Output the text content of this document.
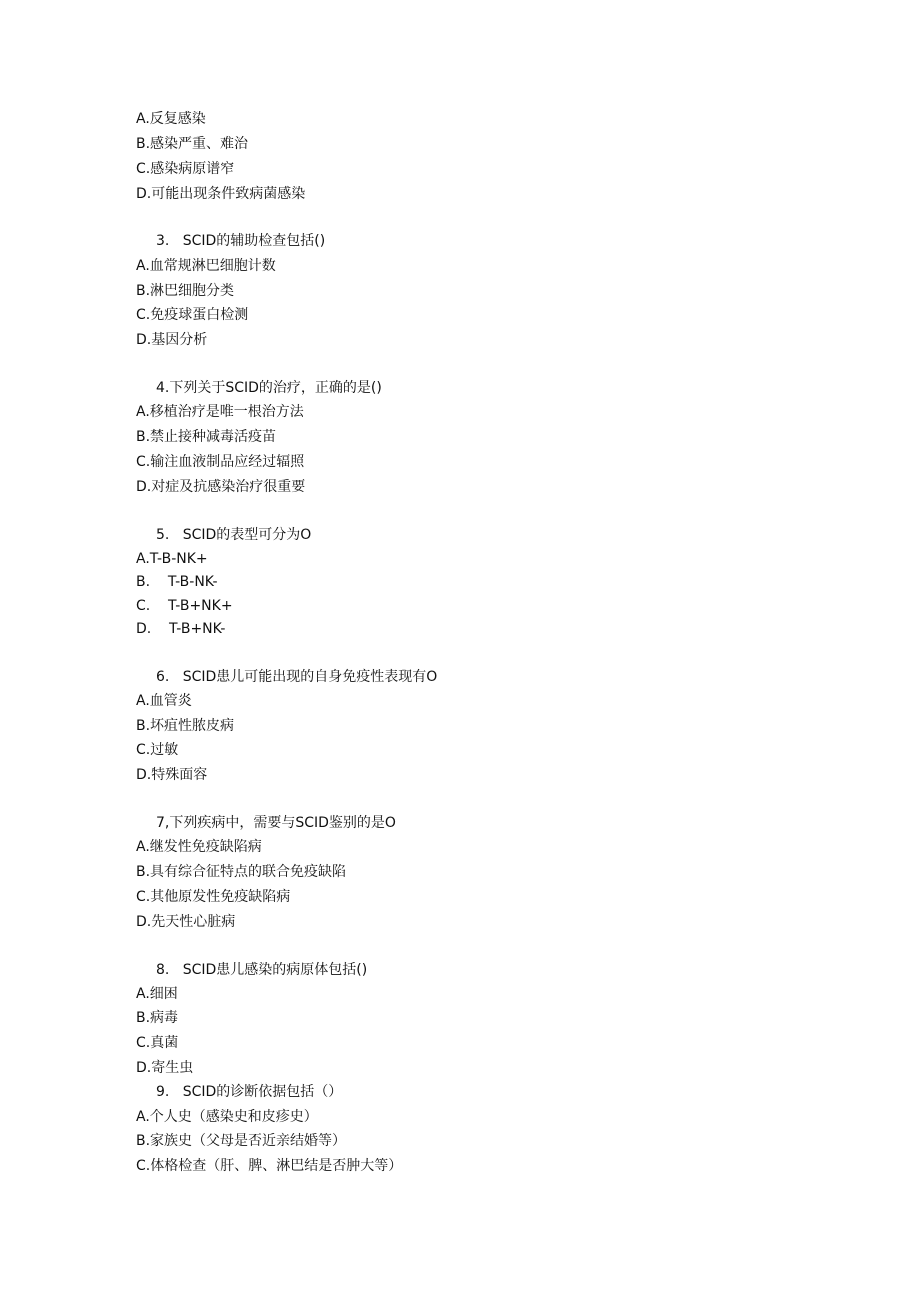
A.反复感染
B.感染严重、难治
C.感染病原谱窄
D.可能出现条件致病菌感染
3.   SCID的辅助检查包括()
A.血常规淋巴细胞计数
B.淋巴细胞分类
C.免疫球蛋白检测
D.基因分析
4.下列关于SCID的治疗，正确的是()
A.移植治疗是唯一根治方法
B.禁止接种减毒活疫苗
C.输注血液制品应经过辐照
D.对症及抗感染治疗很重要
5.   SCID的表型可分为O
A.T-B-NK+
B.    T-B-NK-
C.    T-B+NK+
D.    T-B+NK-
6.   SCID患儿可能出现的自身免疫性表现有O
A.血管炎
B.坏疽性脓皮病
C.过敏
D.特殊面容
7,下列疾病中，需要与SCID鉴别的是O
A.继发性免疫缺陷病
B.具有综合征特点的联合免疫缺陷
C.其他原发性免疫缺陷病
D.先天性心脏病
8.   SCID患儿感染的病原体包括()
A.细困
B.病毒
C.真菌
D.寄生虫
9.   SCID的诊断依据包括（）
A.个人史（感染史和皮疹史）
B.家族史（父母是否近亲结婚等）
C.体格检查（肝、脾、淋巴结是否肿大等）
